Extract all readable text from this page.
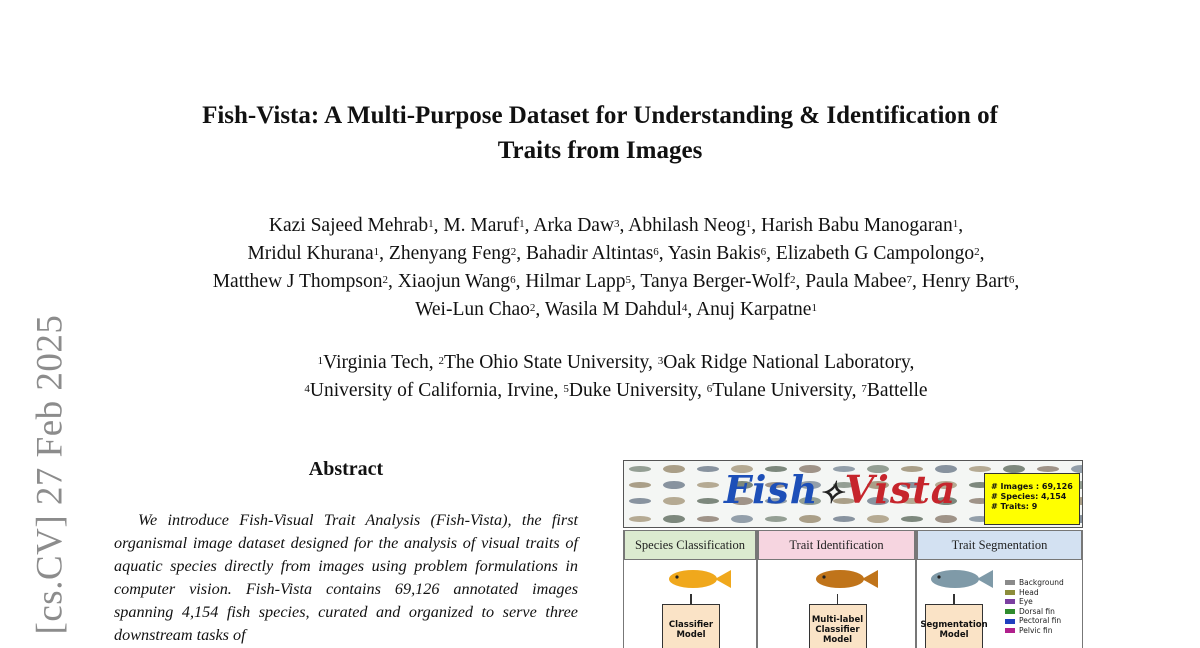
[cs.CV] 27 Feb 2025
Fish-Vista: A Multi-Purpose Dataset for Understanding & Identification of
Traits from Images
Kazi Sajeed Mehrab$^1$, M. Maruf$^1$, Arka Daw$^3$, Abhilash Neog$^1$, Harish Babu Manogaran$^1$,
Mridul Khurana$^1$, Zhenyang Feng$^2$, Bahadir Altintas$^6$, Yasin Bakis$^6$, Elizabeth G Campolongo$^2$,
Matthew J Thompson$^2$, Xiaojun Wang$^6$, Hilmar Lapp$^5$, Tanya Berger-Wolf$^2$, Paula Mabee$^7$, Henry Bart$^6$,
Wei-Lun Chao$^2$, Wasila M Dahdul$^4$, Anuj Karpatne$^1$
$^1$Virginia Tech, $^2$The Ohio State University, $^3$Oak Ridge National Laboratory,
$^4$University of California, Irvine, $^5$Duke University, $^6$Tulane University, $^7$Battelle
Abstract

We introduce Fish-Visual Trait Analysis (Fish-Vista), the first organismal image dataset designed for the analysis of visual traits of aquatic species directly from images using problem formulations in computer vision. Fish-Vista contains 69,126 annotated images spanning 4,154 fish species, curated and organized to serve three downstream tasks of

Fish✧Vista	# Images : 69,126
# Species: 4,154
# Traits: 9
Species Classification
Classifier Model
Trait Identification
Multi-label Classifier Model
Trait Segmentation
Segmentation Model
Background
Head
Eye
Dorsal fin
Pectoral fin
Pelvic fin
